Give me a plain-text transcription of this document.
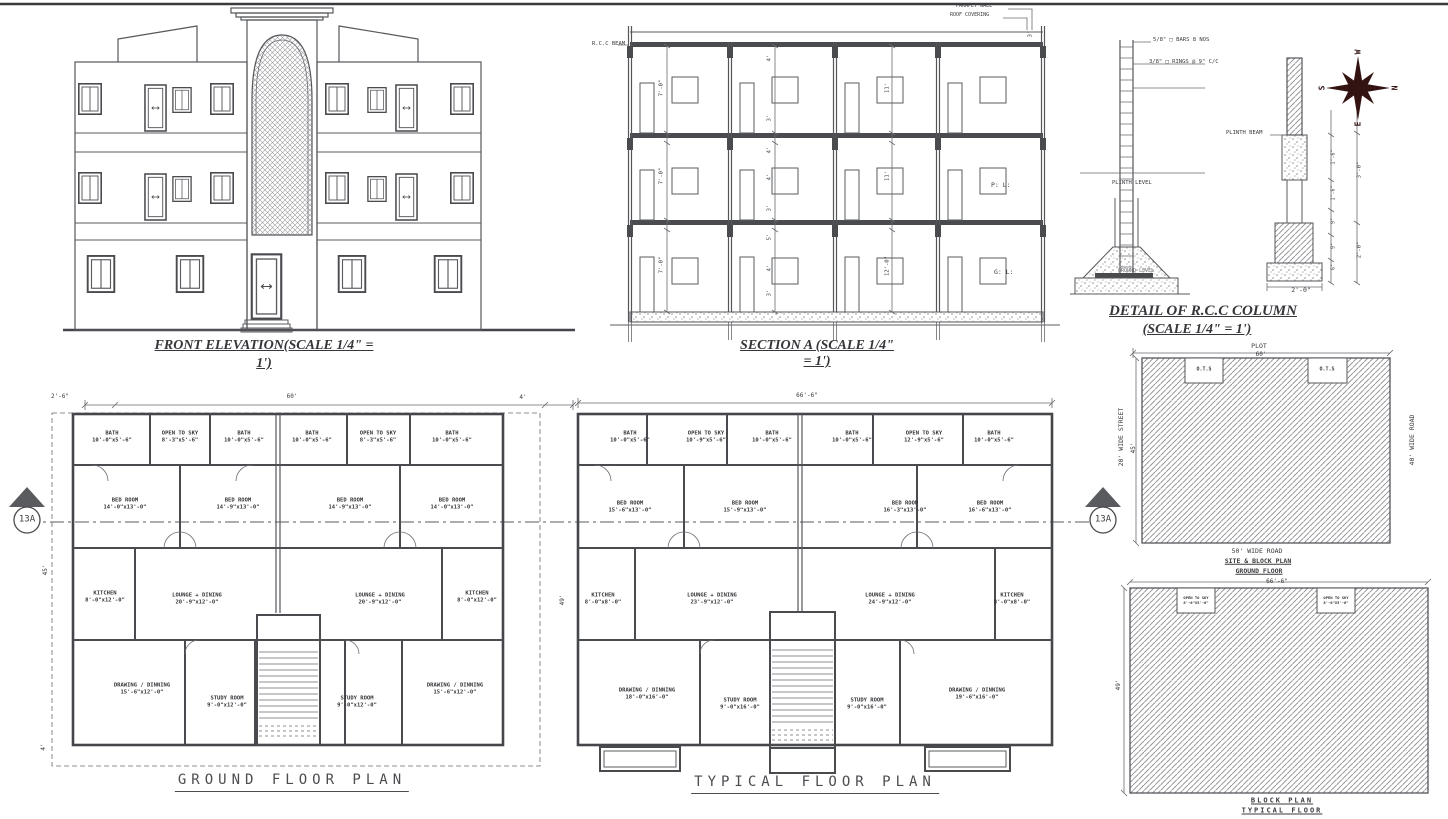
FRONT ELEVATION(SCALE 1/4" =
1')
R.C.C BEAM
PARAPET WALL
ROOF COVERING
3'
7'-0"
7'-0"
7'-0"
4'
3'
4'
4'
3'
5'
4'
3'
11'
11'
12'-0"
P: L:
G: L:
SECTION A (SCALE 1/4"
= 1')
5/8" □ BARS 8 NOS
3/8" □ RINGS @ 9" C/C
PLINTH LEVEL
GROUND LEVEL
PLINTH BEAM
1'-6"
1'-6"
9"
9"
6"
3'-0"
2'-0"
2'-0"
DETAIL OF R.C.C COLUMN
(SCALE 1/4" = 1')
W
S	N
E
13A	13A
2'-6"	60'	4'
45'
4'
BATH
10'-0"x5'-6"
OPEN TO SKY
8'-3"x5'-6"
BATH
10'-0"x5'-6"
BATH
10'-0"x5'-6"
OPEN TO SKY
8'-3"x5'-6"
BATH
10'-0"x5'-6"
BED ROOM
14'-0"x13'-0"
BED ROOM
14'-9"x13'-0"
BED ROOM
14'-9"x13'-0"
BED ROOM
14'-0"x13'-0"
KITCHEN
8'-0"x12'-0"
LOUNGE + DINING
20'-9"x12'-0"
LOUNGE + DINING
20'-9"x12'-0"
KITCHEN
8'-0"x12'-0"
DRAWING / DINNING
15'-6"x12'-0"
STUDY ROOM
9'-0"x12'-0"
STUDY ROOM
9'-0"x12'-0"
DRAWING / DINNING
15'-6"x12'-0"
GROUND FLOOR PLAN
66'-6"
49'
BATH
10'-0"x5'-6"
OPEN TO SKY
10'-9"x5'-6"
BATH
10'-0"x5'-6"
BATH
10'-0"x5'-6"
OPEN TO SKY
12'-9"x5'-6"
BATH
10'-0"x5'-6"
BED ROOM
15'-6"x13'-0"
BED ROOM
15'-9"x13'-0"
BED ROOM
16'-3"x13'-0"
BED ROOM
16'-6"x13'-0"
KITCHEN
8'-0"x8'-0"
LOUNGE + DINING
23'-9"x12'-0"
LOUNGE + DINING
24'-9"x12'-0"
KITCHEN
8'-0"x8'-0"
DRAWING / DINNING
18'-0"x16'-0"	STUDY ROOM
9'-0"x16'-0"
STUDY ROOM
9'-0"x16'-0"
DRAWING / DINNING
19'-6"x16'-0"
TYPICAL FLOOR PLAN
PLOT
60'
45'
20' WIDE STREET	40' WIDE ROAD
50' WIDE ROAD
SITE & BLOCK PLAN
GROUND FLOOR
O.T.S	O.T.S
66'-6"
49'
OPEN TO SKY
8'-6"X5'-6"
OPEN TO SKY
8'-6"X5'-6"
BLOCK PLAN
TYPICAL FLOOR
